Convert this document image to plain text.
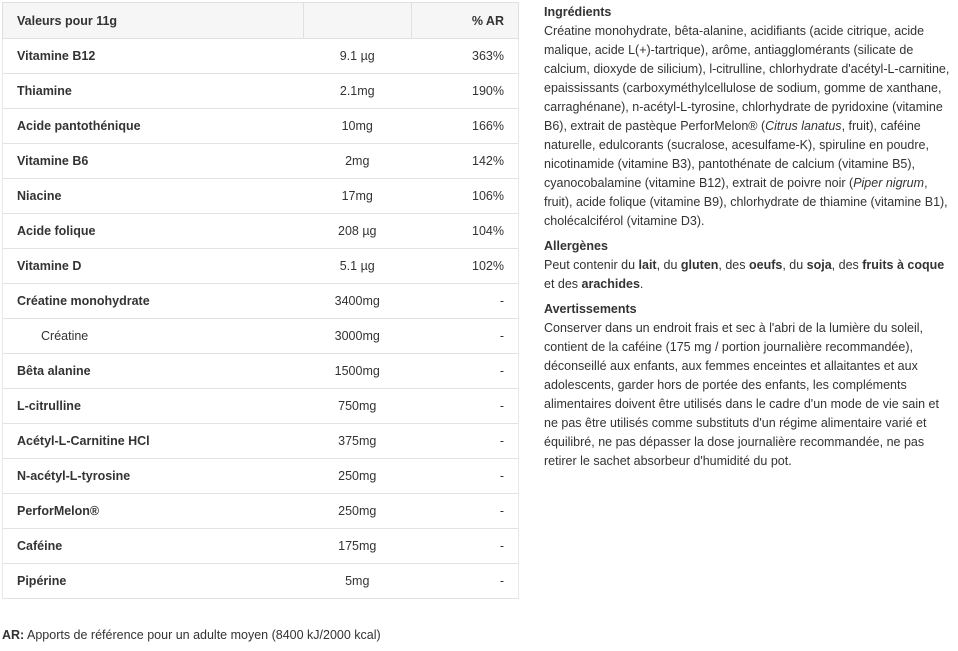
Valeurs pour 11g		% AR
Vitamine B12	9.1 µg	363%
Thiamine	2.1mg	190%
Acide pantothénique	10mg	166%
Vitamine B6	2mg	142%
Niacine	17mg	106%
Acide folique	208 µg	104%
Vitamine D	5.1 µg	102%
Créatine monohydrate	3400mg	-
Créatine	3000mg	-
Bêta alanine	1500mg	-
L-citrulline	750mg	-
Acétyl-L-Carnitine HCl	375mg	-
N-acétyl-L-tyrosine	250mg	-
PerforMelon®	250mg	-
Caféine	175mg	-
Pipérine	5mg	-
AR: Apports de référence pour un adulte moyen (8400 kJ/2000 kcal)
Ingrédients

Créatine monohydrate, bêta-alanine, acidifiants (acide citrique, acide malique, acide L(+)-tartrique), arôme, antiagglomérants (silicate de calcium, dioxyde de silicium), l-citrulline, chlorhydrate d'acétyl-L-carnitine, epaississants (carboxyméthylcellulose de sodium, gomme de xanthane, carraghénane), n-acétyl-L-tyrosine, chlorhydrate de pyridoxine (vitamine B6), extrait de pastèque PerforMelon® (Citrus lanatus, fruit), caféine naturelle, edulcorants (sucralose, acesulfame-K), spiruline en poudre, nicotinamide (vitamine B3), pantothénate de calcium (vitamine B5), cyanocobalamine (vitamine B12), extrait de poivre noir (Piper nigrum, fruit), acide folique (vitamine B9), chlorhydrate de thiamine (vitamine B1), cholécalciférol (vitamine D3).

Allergènes

Peut contenir du lait, du gluten, des oeufs, du soja, des fruits à coque et des arachides.

Avertissements

Conserver dans un endroit frais et sec à l'abri de la lumière du soleil, contient de la caféine (175 mg / portion journalière recommandée), déconseillé aux enfants, aux femmes enceintes et allaitantes et aux adolescents, garder hors de portée des enfants, les compléments alimentaires doivent être utilisés dans le cadre d'un mode de vie sain et ne pas être utilisés comme substituts d'un régime alimentaire varié et équilibré, ne pas dépasser la dose journalière recommandée, ne pas retirer le sachet absorbeur d'humidité du pot.
